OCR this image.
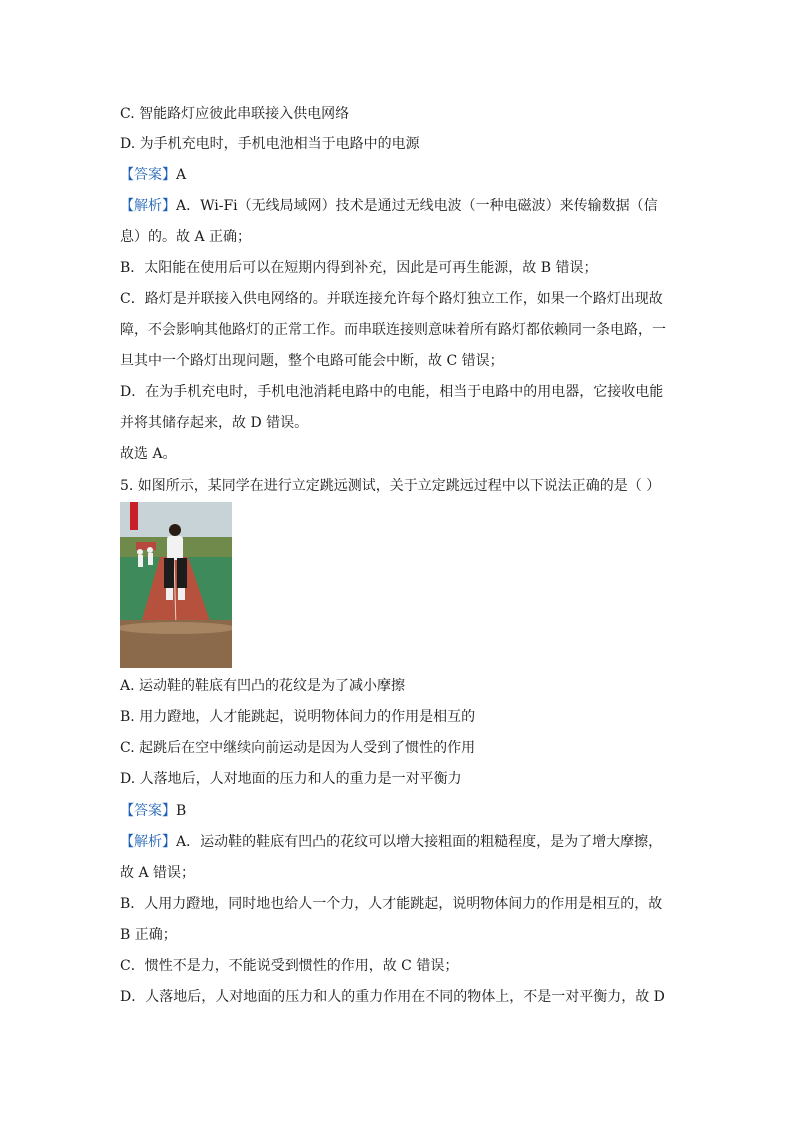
C. 智能路灯应彼此串联接入供电网络
D. 为手机充电时，手机电池相当于电路中的电源
【答案】A
【解析】A．Wi-Fi（无线局域网）技术是通过无线电波（一种电磁波）来传输数据（信
息）的。故 A 正确；
B．太阳能在使用后可以在短期内得到补充，因此是可再生能源，故 B 错误；
C．路灯是并联接入供电网络的。并联连接允许每个路灯独立工作，如果一个路灯出现故
障，不会影响其他路灯的正常工作。而串联连接则意味着所有路灯都依赖同一条电路，一
旦其中一个路灯出现问题，整个电路可能会中断，故 C 错误；
D．在为手机充电时，手机电池消耗电路中的电能，相当于电路中的用电器，它接收电能
并将其储存起来，故 D 错误。
故选 A。
5. 如图所示，某同学在进行立定跳远测试，关于立定跳远过程中以下说法正确的是（ ）
A. 运动鞋的鞋底有凹凸的花纹是为了减小摩擦
B. 用力蹬地，人才能跳起，说明物体间力的作用是相互的
C. 起跳后在空中继续向前运动是因为人受到了惯性的作用
D. 人落地后，人对地面的压力和人的重力是一对平衡力
【答案】B
【解析】A．运动鞋的鞋底有凹凸的花纹可以增大接粗面的粗糙程度，是为了增大摩擦，
故 A 错误；
B．人用力蹬地，同时地也给人一个力，人才能跳起，说明物体间力的作用是相互的，故
B 正确；
C．惯性不是力，不能说受到惯性的作用，故 C 错误；
D．人落地后，人对地面的压力和人的重力作用在不同的物体上，不是一对平衡力，故 D
